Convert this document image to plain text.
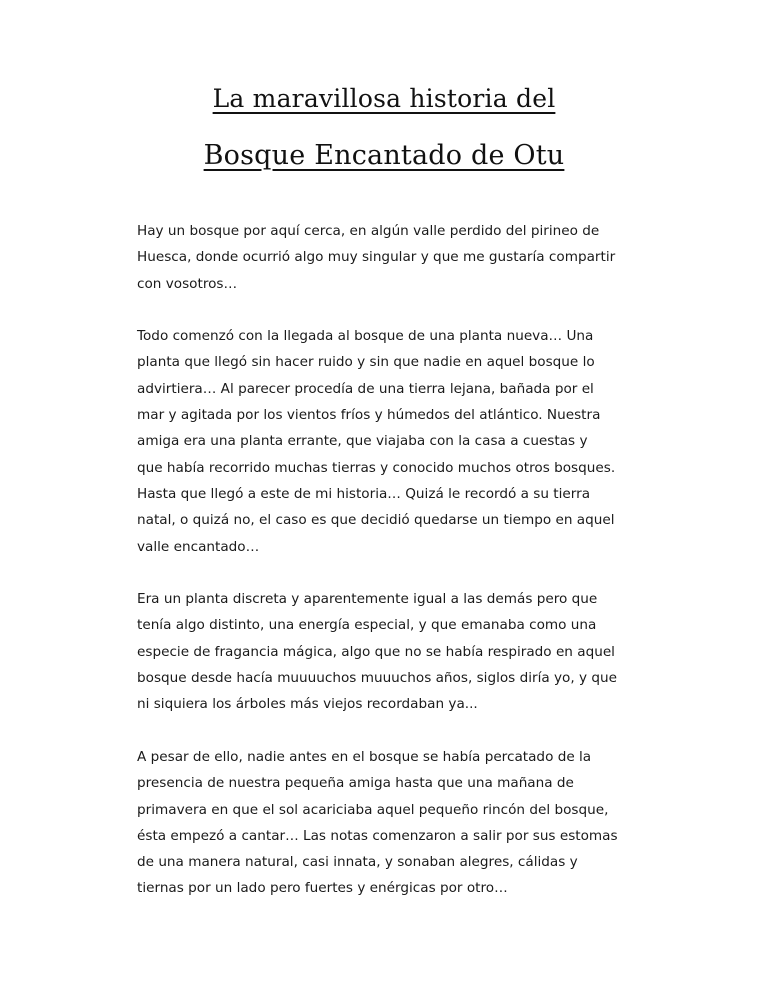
La maravillosa historia del
Bosque Encantado de Otu

Hay un bosque por aquí cerca, en algún valle perdido del pirineo de
Huesca, donde ocurrió algo muy singular y que me gustaría compartir
con vosotros…

Todo comenzó con la llegada al bosque de una planta nueva… Una
planta que llegó sin hacer ruido y sin que nadie en aquel bosque lo
advirtiera… Al parecer procedía de una tierra lejana, bañada por el
mar y agitada por los vientos fríos y húmedos del atlántico. Nuestra
amiga era una planta errante, que viajaba con la casa a cuestas y
que había recorrido muchas tierras y conocido muchos otros bosques.
Hasta que llegó a este de mi historia… Quizá le recordó a su tierra
natal, o quizá no, el caso es que decidió quedarse un tiempo en aquel
valle encantado…

Era un planta discreta y aparentemente igual a las demás pero que
tenía algo distinto, una energía especial, y que emanaba como una
especie de fragancia mágica, algo que no se había respirado en aquel
bosque desde hacía muuuuchos muuuchos años, siglos diría yo, y que
ni siquiera los árboles más viejos recordaban ya...

A pesar de ello, nadie antes en el bosque se había percatado de la
presencia de nuestra pequeña amiga hasta que una mañana de
primavera en que el sol acariciaba aquel pequeño rincón del bosque,
ésta empezó a cantar… Las notas comenzaron a salir por sus estomas
de una manera natural, casi innata, y sonaban alegres, cálidas y
tiernas por un lado pero fuertes y enérgicas por otro…
